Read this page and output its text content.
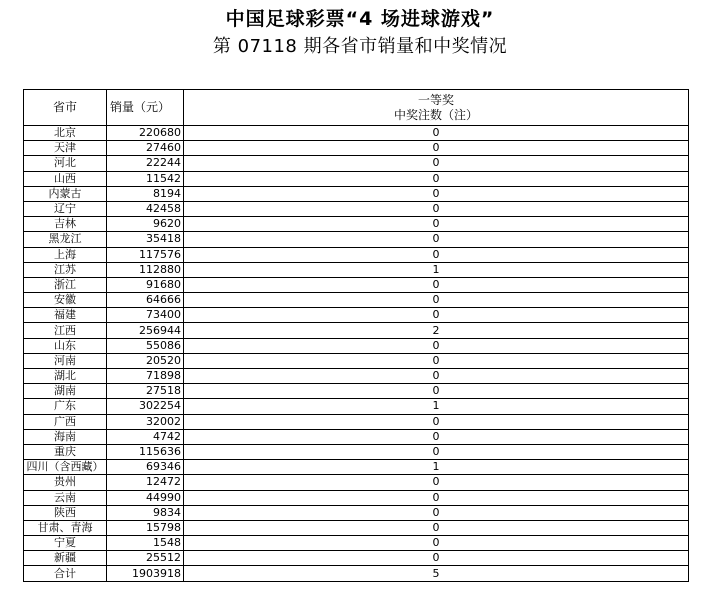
中国足球彩票“4 场进球游戏”
第 07118 期各省市销量和中奖情况
省市	销量（元）	一等奖
中奖注数（注）

北京	220680	0
天津	27460	0
河北	22244	0
山西	11542	0
内蒙古	8194	0
辽宁	42458	0
吉林	9620	0
黑龙江	35418	0
上海	117576	0
江苏	112880	1
浙江	91680	0
安徽	64666	0
福建	73400	0
江西	256944	2
山东	55086	0
河南	20520	0
湖北	71898	0
湖南	27518	0
广东	302254	1
广西	32002	0
海南	4742	0
重庆	115636	0
四川（含西藏）	69346	1
贵州	12472	0
云南	44990	0
陕西	9834	0
甘肃、青海	15798	0
宁夏	1548	0
新疆	25512	0
合计	1903918	5
